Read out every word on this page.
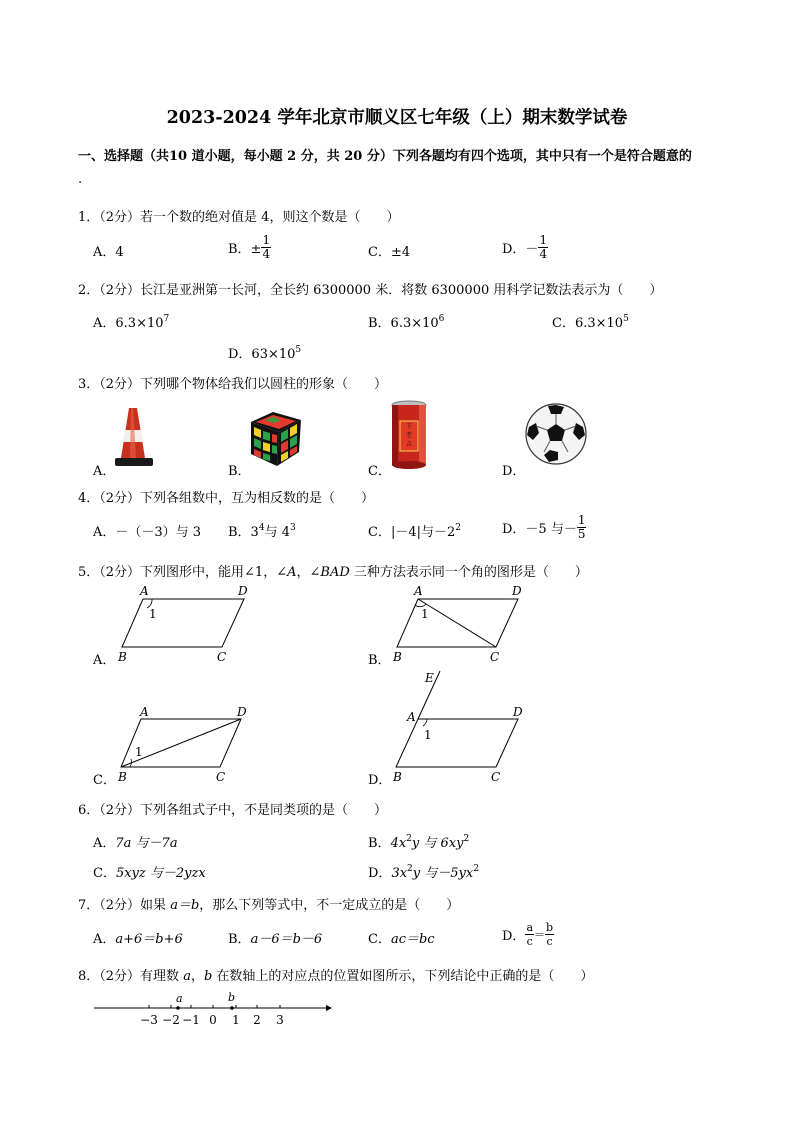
2023-2024 学年北京市顺义区七年级（上）期末数学试卷
一、选择题（共10 道小题，每小题 2 分，共 20 分）下列各题均有四个选项，其中只有一个是符合题意的
.
1．（2分）若一个数的绝对值是 4，则这个数是（　　）
A．4	B．± $\frac{1}{4}$	C．±4	D．－ $\frac{1}{4}$
2．（2分）长江是亚洲第一长河，全长约 6300000 米．将数 6300000 用科学记数法表示为（　　）
A．$6.3\times 10^7$	B．$6.3\times 10^6$	C．$6.3\times 10^5$
D．$63\times 10^5$
3．（2分）下列哪个物体给我们以圆柱的形象（　　）
A．	B．	C．	D．
王
老
吉
4．（2分）下列各组数中，互为相反数的是（　　）
A．－（－3）与 3 B．$3^4$与 $4^3$	C．|－4|与$-2^2$	D．－5 与－ $\frac{1}{5}$
5．（2分）下列图形中，能用∠1，∠A，∠BAD 三种方法表示同一个角的图形是（　　）
A．	B．
C．	D．
A	D
B	C
1
A	D
B	C
1
A	D
B	C
1
E
A	D
B	C
1
6．（2分）下列各组式子中，不是同类项的是（　　）
A．7a 与－7a	B．$4x^2y$ 与 $6xy^2$
C．5xyz 与－2yzx	D．$3x^2y$ 与$-5yx^2$
7．（2分）如果 a＝b，那么下列等式中，不一定成立的是（　　）
A．a+6＝b+6	B．a－6＝b－6	C．ac＝bc	D． $\frac{a}{c} = \frac{b}{c}$
8．（2分）有理数 a，b 在数轴上的对应点的位置如图所示，下列结论中正确的是（　　）
−3 −2 −1 0 1 2 3
a	b
